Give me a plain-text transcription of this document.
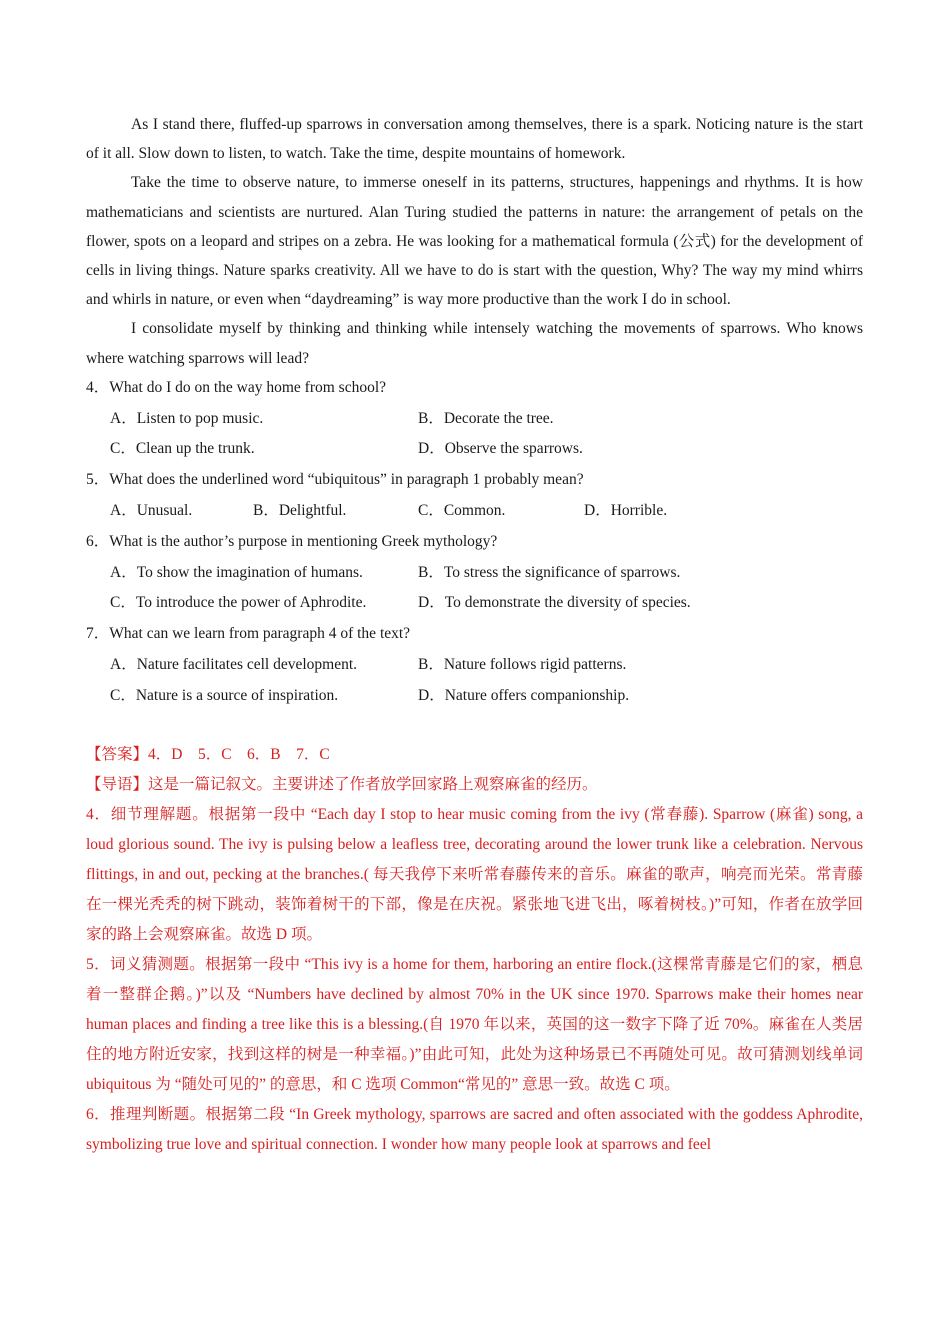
As I stand there, fluffed-up sparrows in conversation among themselves, there is a spark. Noticing nature is the start of it all. Slow down to listen, to watch. Take the time, despite mountains of homework.

Take the time to observe nature, to immerse oneself in its patterns, structures, happenings and rhythms. It is how mathematicians and scientists are nurtured. Alan Turing studied the patterns in nature: the arrangement of petals on the flower, spots on a leopard and stripes on a zebra. He was looking for a mathematical formula (公式) for the development of cells in living things. Nature sparks creativity. All we have to do is start with the question, Why? The way my mind whirrs and whirls in nature, or even when “daydreaming” is way more productive than the work I do in school.

I consolidate myself by thinking and thinking while intensely watching the movements of sparrows. Who knows where watching sparrows will lead?

4．What do I do on the way home from school?

A．Listen to pop music.	B．Decorate the tree.
C．Clean up the trunk.	D．Observe the sparrows.

5．What does the underlined word “ubiquitous” in paragraph 1 probably mean?

A．Unusual.	B．Delightful.	C．Common.	D．Horrible.

6．What is the author’s purpose in mentioning Greek mythology?

A．To show the imagination of humans.	B．To stress the significance of sparrows.
C．To introduce the power of Aphrodite.	D．To demonstrate the diversity of species.

7．What can we learn from paragraph 4 of the text?

A．Nature facilitates cell development.	B．Nature follows rigid patterns.
C．Nature is a source of inspiration.	D．Nature offers companionship.

【答案】4．D　5．C　6．B　7．C

【导语】这是一篇记叙文。主要讲述了作者放学回家路上观察麻雀的经历。

4．细节理解题。根据第一段中 “Each day I stop to hear music coming from the ivy (常春藤). Sparrow (麻雀) song, a loud glorious sound. The ivy is pulsing below a leafless tree, decorating around the lower trunk like a celebration. Nervous flittings, in and out, pecking at the branches.( 每天我停下来听常春藤传来的音乐。麻雀的歌声，响亮而光荣。常青藤在一棵光秃秃的树下跳动，装饰着树干的下部，像是在庆祝。紧张地飞进飞出，啄着树枝。)”可知，作者在放学回家的路上会观察麻雀。故选 D 项。

5．词义猜测题。根据第一段中 “This ivy is a home for them, harboring an entire flock.(这棵常青藤是它们的家，栖息着一整群企鹅。)”以及 “Numbers have declined by almost 70% in the UK since 1970. Sparrows make their homes near human places and finding a tree like this is a blessing.(自 1970 年以来，英国的这一数字下降了近 70%。麻雀在人类居住的地方附近安家，找到这样的树是一种幸福。)”由此可知，此处为这种场景已不再随处可见。故可猜测划线单词 ubiquitous 为 “随处可见的” 的意思，和 C 选项 Common“常见的” 意思一致。故选 C 项。

6．推理判断题。根据第二段 “In Greek mythology, sparrows are sacred and often associated with the goddess Aphrodite, symbolizing true love and spiritual connection. I wonder how many people look at sparrows and feel
